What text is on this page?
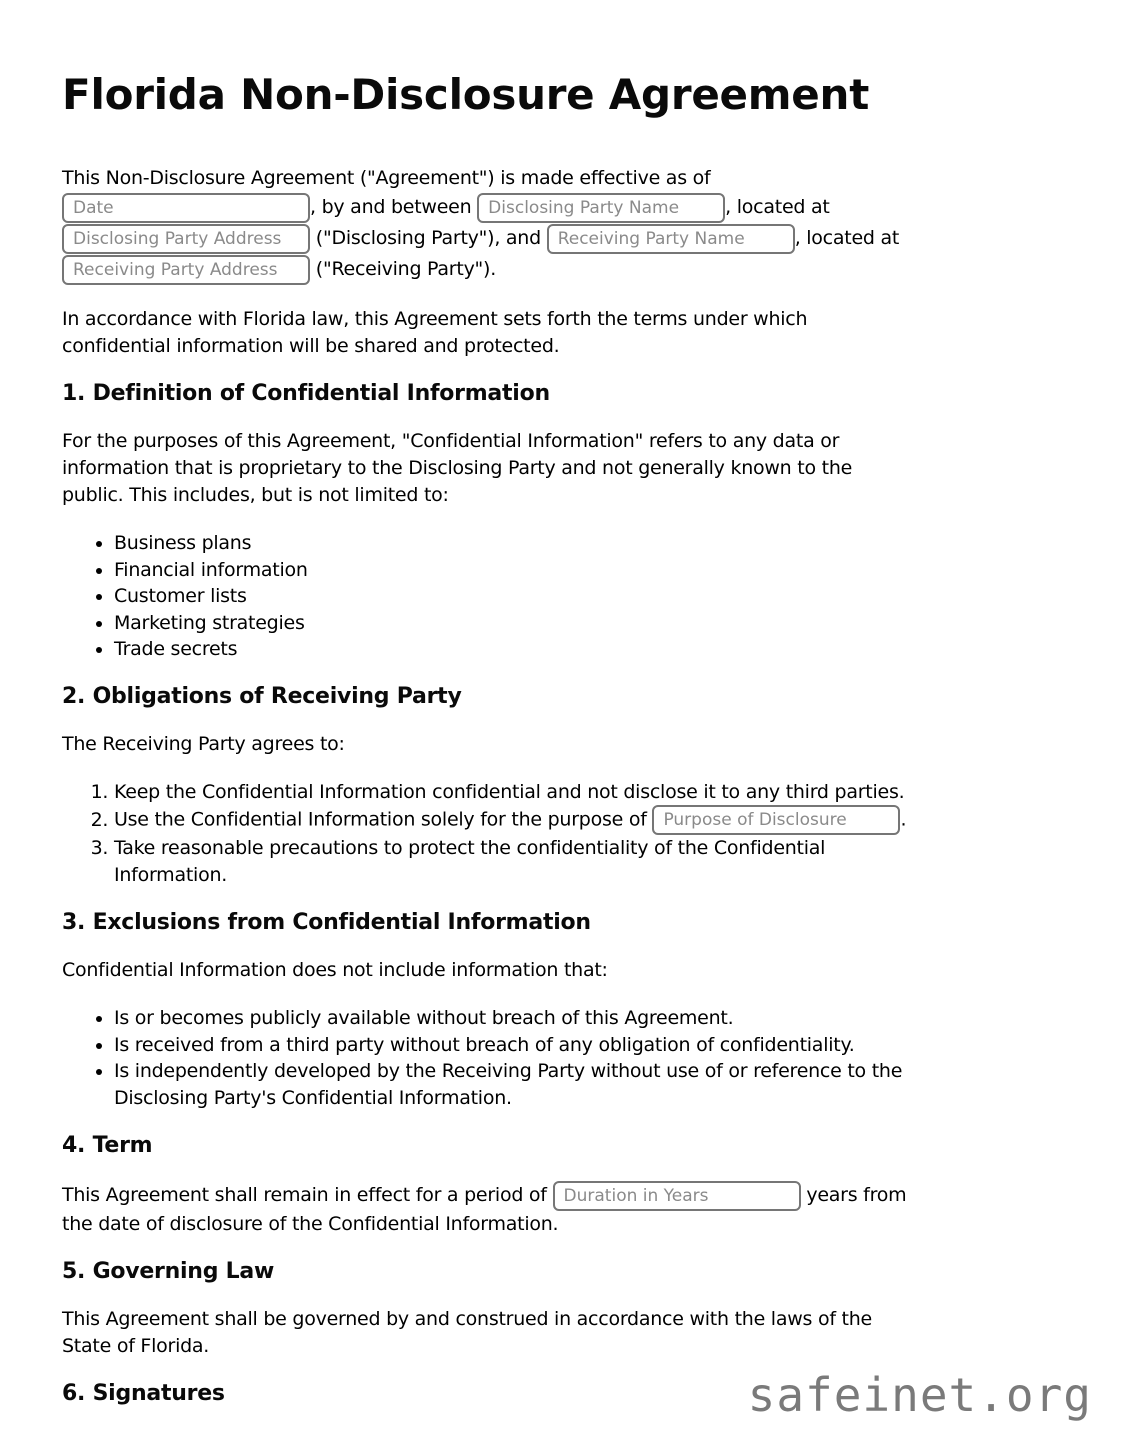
Florida Non-Disclosure Agreement
This Non-Disclosure Agreement ("Agreement") is made effective as of
Date
, by and between
Disclosing Party Name	, located at
Disclosing Party Address
("Disclosing Party"), and
Receiving Party Name	, located at
Receiving Party Address
("Receiving Party").
In accordance with Florida law, this Agreement sets forth the terms under which
confidential information will be shared and protected.
1. Definition of Confidential Information
For the purposes of this Agreement, "Confidential Information" refers to any data or
information that is proprietary to the Disclosing Party and not generally known to the
public. This includes, but is not limited to:
• Business plans
• Financial information
• Customer lists
• Marketing strategies
• Trade secrets
2. Obligations of Receiving Party
The Receiving Party agrees to:
1. Keep the Confidential Information confidential and not disclose it to any third parties.
2. Use the Confidential Information solely for the purpose of Purpose of Disclosure	.
3. Take reasonable precautions to protect the confidentiality of the Confidential
Information.
3. Exclusions from Confidential Information
Confidential Information does not include information that:
• Is or becomes publicly available without breach of this Agreement.
• Is received from a third party without breach of any obligation of confidentiality.
• Is independently developed by the Receiving Party without use of or reference to the
Disclosing Party's Confidential Information.
4. Term
This Agreement shall remain in effect for a period of
Duration in Years	years from
the date of disclosure of the Confidential Information.
5. Governing Law
This Agreement shall be governed by and construed in accordance with the laws of the
State of Florida.
6. Signatures	safeinet.org
